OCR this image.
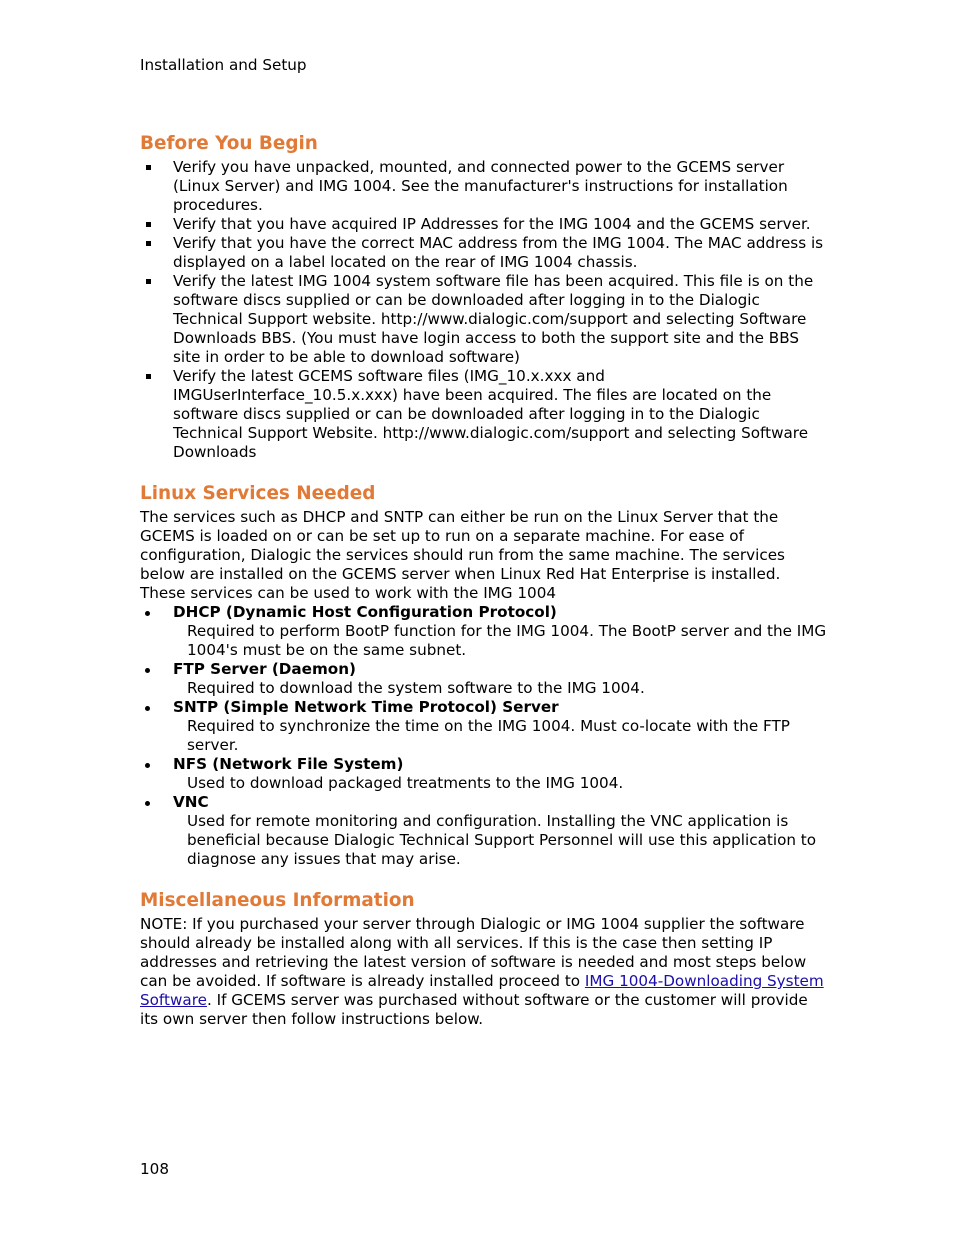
Installation and Setup
Before You Begin
Verify you have unpacked, mounted, and connected power to the GCEMS server (Linux Server) and IMG 1004. See the manufacturer's instructions for installation procedures.
Verify that you have acquired IP Addresses for the IMG 1004 and the GCEMS server.
Verify that you have the correct MAC address from the IMG 1004. The MAC address is displayed on a label located on the rear of IMG 1004 chassis.
Verify the latest IMG 1004 system software file has been acquired. This file is on the software discs supplied or can be downloaded after logging in to the Dialogic Technical Support website. http://www.dialogic.com/support and selecting Software Downloads BBS. (You must have login access to both the support site and the BBS site in order to be able to download software)
Verify the latest GCEMS software files (IMG_10.x.xxx and IMGUserInterface_10.5.x.xxx) have been acquired. The files are located on the software discs supplied or can be downloaded after logging in to the Dialogic Technical Support Website. http://www.dialogic.com/support and selecting Software Downloads
Linux Services Needed

The services such as DHCP and SNTP can either be run on the Linux Server that the GCEMS is loaded on or can be set up to run on a separate machine. For ease of configuration, Dialogic the services should run from the same machine. The services below are installed on the GCEMS server when Linux Red Hat Enterprise is installed. These services can be used to work with the IMG 1004

DHCP (Dynamic Host Configuration Protocol)
Required to perform BootP function for the IMG 1004. The BootP server and the IMG 1004's must be on the same subnet.
FTP Server (Daemon)
Required to download the system software to the IMG 1004.
SNTP (Simple Network Time Protocol) Server
Required to synchronize the time on the IMG 1004. Must co-locate with the FTP server.
NFS (Network File System)
Used to download packaged treatments to the IMG 1004.
VNC
Used for remote monitoring and configuration. Installing the VNC application is beneficial because Dialogic Technical Support Personnel will use this application to diagnose any issues that may arise.
Miscellaneous Information

NOTE: If you purchased your server through Dialogic or IMG 1004 supplier the software should already be installed along with all services. If this is the case then setting IP addresses and retrieving the latest version of software is needed and most steps below can be avoided. If software is already installed proceed to IMG 1004-Downloading System Software. If GCEMS server was purchased without software or the customer will provide its own server then follow instructions below.

108
